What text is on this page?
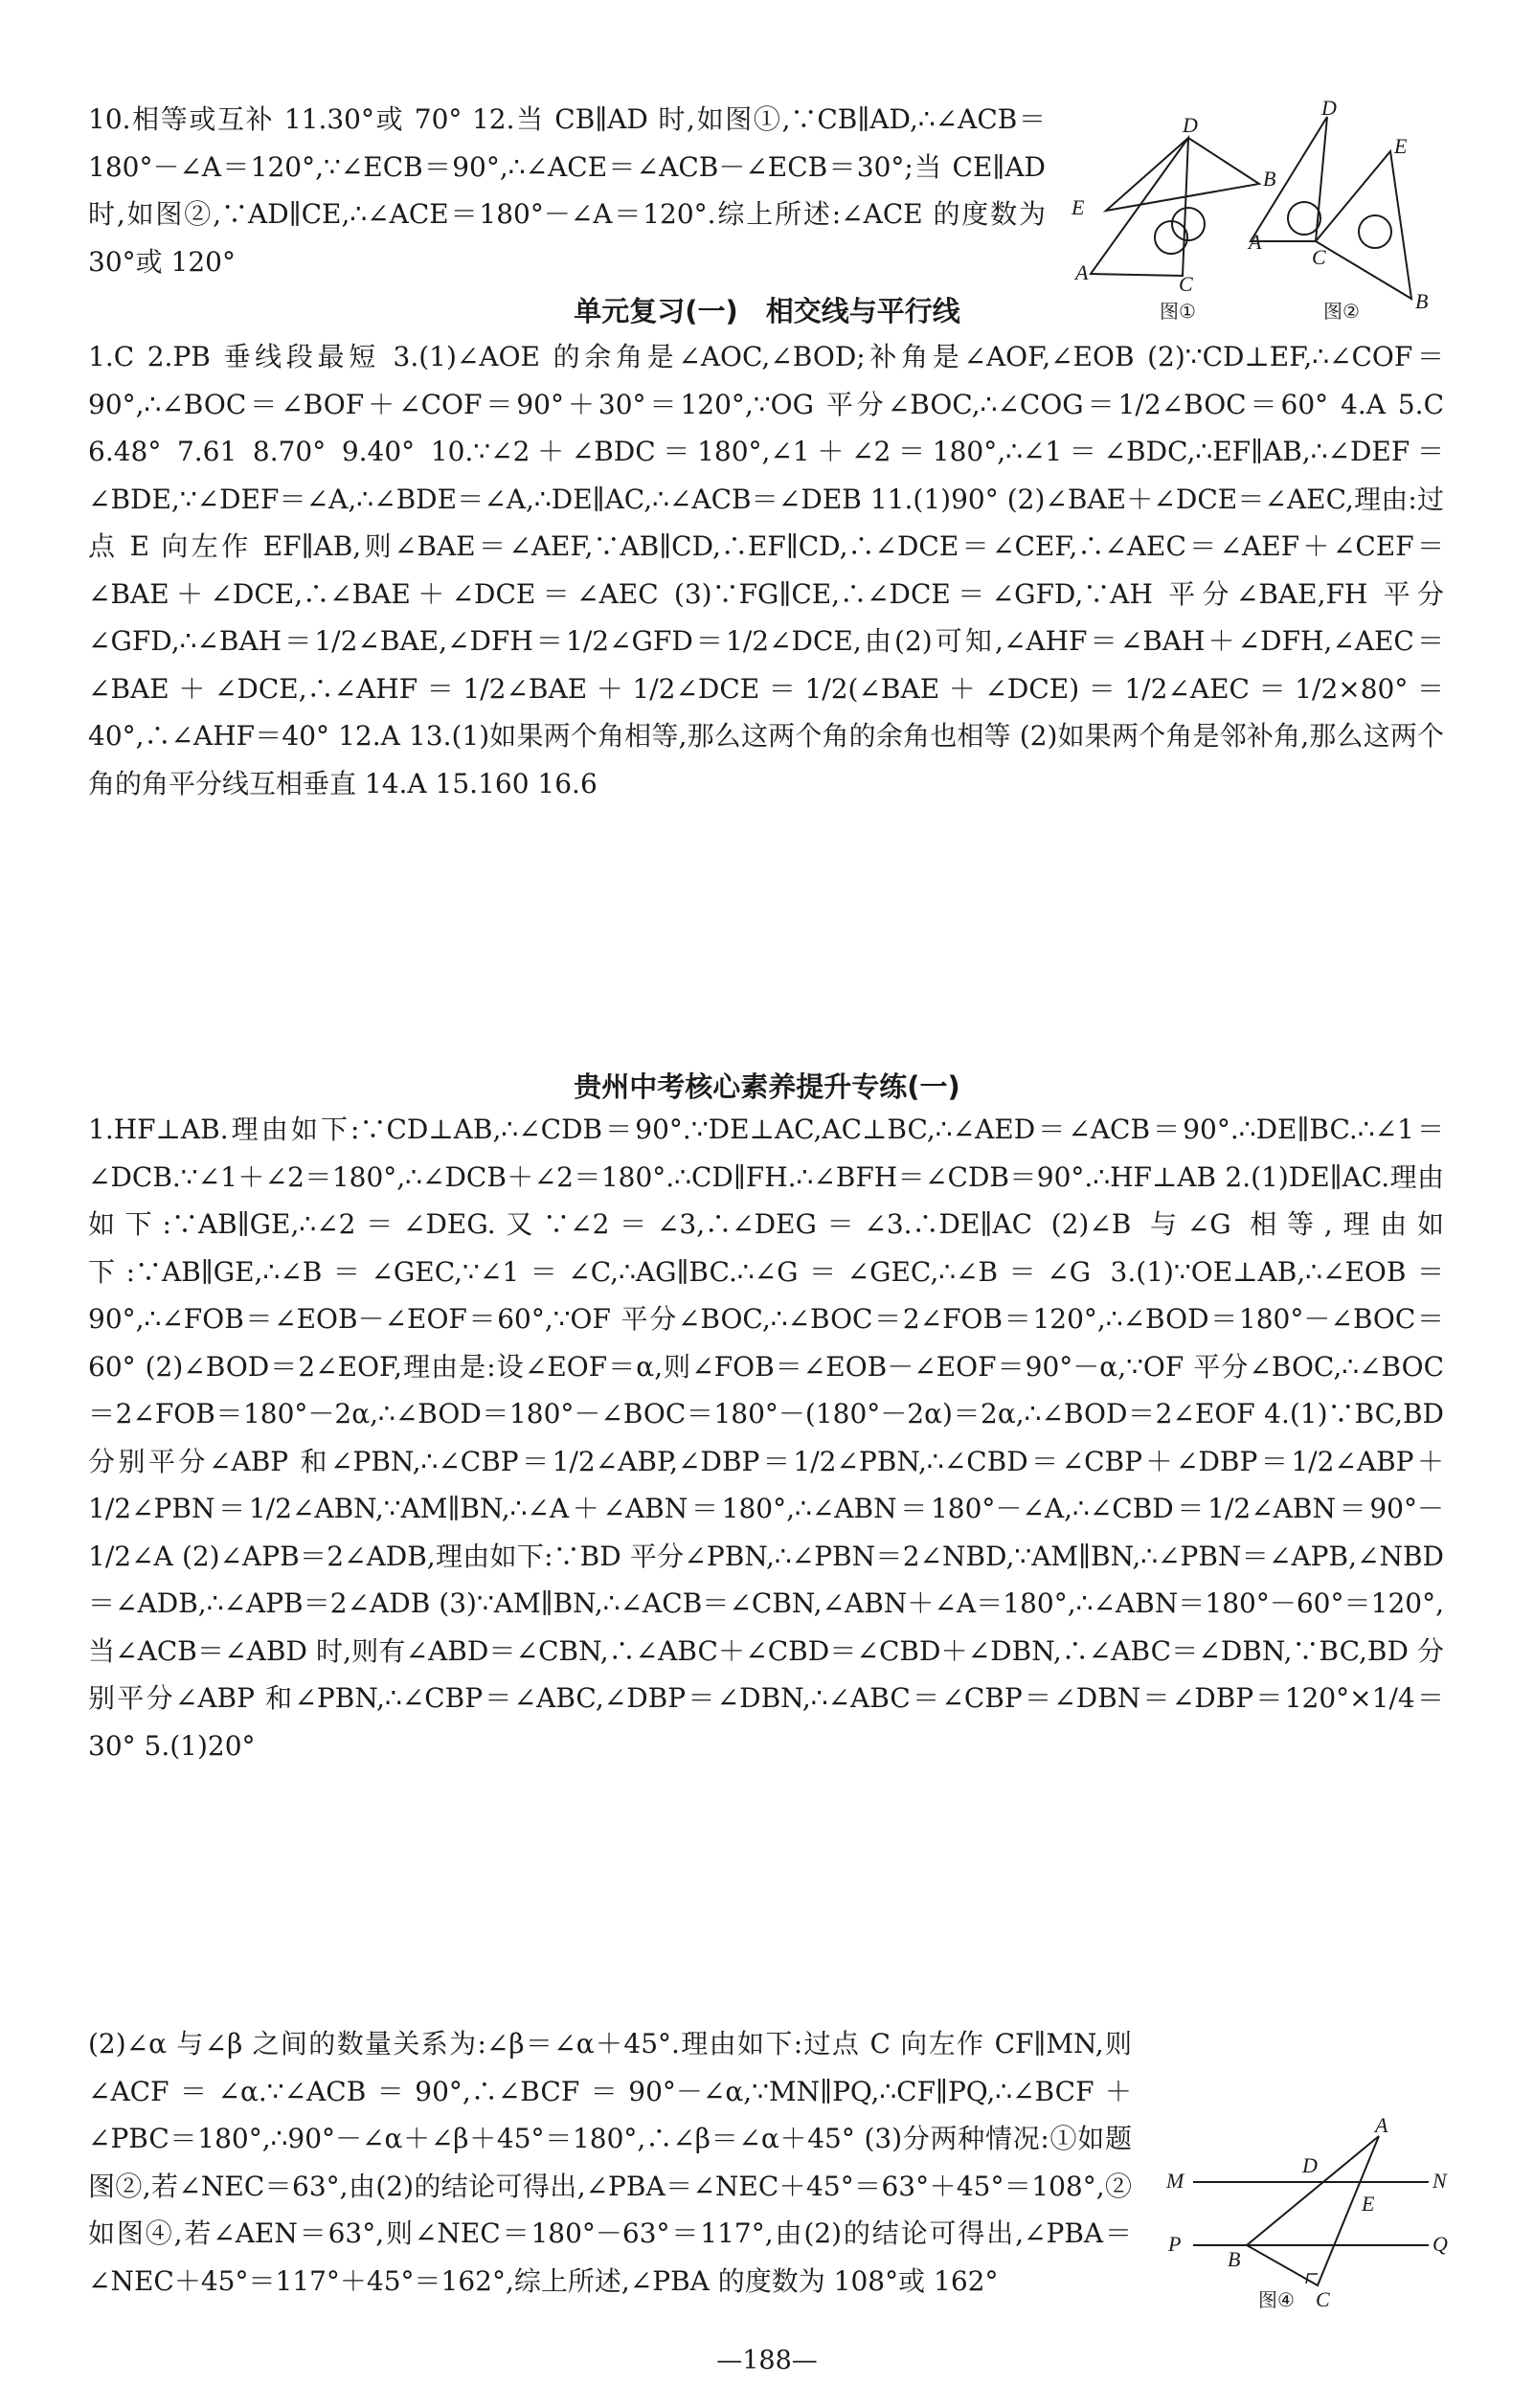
10.相等或互补 11.30°或 70° 12.当 CB∥AD 时,如图①,∵CB∥AD,∴∠ACB＝180°－∠A＝120°,∵∠ECB＝90°,∴∠ACE＝∠ACB－∠ECB＝30°;当 CE∥AD 时,如图②,∵AD∥CE,∴∠ACE＝180°－∠A＝120°.综上所述:∠ACE 的度数为 30°或 120°
D
B
E
A	C
图①
D
E
A
C
B
图②
单元复习(一)　相交线与平行线
1.C 2.PB 垂线段最短 3.(1)∠AOE 的余角是∠AOC,∠BOD;补角是∠AOF,∠EOB (2)∵CD⊥EF,∴∠COF＝90°,∴∠BOC＝∠BOF＋∠COF＝90°＋30°＝120°,∵OG 平分∠BOC,∴∠COG＝1/2∠BOC＝60° 4.A 5.C 6.48° 7.61 8.70° 9.40° 10.∵∠2＋∠BDC＝180°,∠1＋∠2＝180°,∴∠1＝∠BDC,∴EF∥AB,∴∠DEF＝∠BDE,∵∠DEF＝∠A,∴∠BDE＝∠A,∴DE∥AC,∴∠ACB＝∠DEB 11.(1)90° (2)∠BAE＋∠DCE＝∠AEC,理由:过点 E 向左作 EF∥AB,则∠BAE＝∠AEF,∵AB∥CD,∴EF∥CD,∴∠DCE＝∠CEF,∴∠AEC＝∠AEF＋∠CEF＝∠BAE＋∠DCE,∴∠BAE＋∠DCE＝∠AEC (3)∵FG∥CE,∴∠DCE＝∠GFD,∵AH 平分∠BAE,FH 平分∠GFD,∴∠BAH＝1/2∠BAE,∠DFH＝1/2∠GFD＝1/2∠DCE,由(2)可知,∠AHF＝∠BAH＋∠DFH,∠AEC＝∠BAE＋∠DCE,∴∠AHF＝1/2∠BAE＋1/2∠DCE＝1/2(∠BAE＋∠DCE)＝1/2∠AEC＝1/2×80°＝40°,∴∠AHF＝40° 12.A 13.(1)如果两个角相等,那么这两个角的余角也相等 (2)如果两个角是邻补角,那么这两个角的角平分线互相垂直 14.A 15.160 16.6
贵州中考核心素养提升专练(一)
1.HF⊥AB.理由如下:∵CD⊥AB,∴∠CDB＝90°.∵DE⊥AC,AC⊥BC,∴∠AED＝∠ACB＝90°.∴DE∥BC.∴∠1＝∠DCB.∵∠1＋∠2＝180°,∴∠DCB＋∠2＝180°.∴CD∥FH.∴∠BFH＝∠CDB＝90°.∴HF⊥AB 2.(1)DE∥AC.理由如下:∵AB∥GE,∴∠2＝∠DEG.又∵∠2＝∠3,∴∠DEG＝∠3.∴DE∥AC (2)∠B 与∠G 相等,理由如下:∵AB∥GE,∴∠B＝∠GEC,∵∠1＝∠C,∴AG∥BC.∴∠G＝∠GEC,∴∠B＝∠G 3.(1)∵OE⊥AB,∴∠EOB＝90°,∴∠FOB＝∠EOB－∠EOF＝60°,∵OF 平分∠BOC,∴∠BOC＝2∠FOB＝120°,∴∠BOD＝180°－∠BOC＝60° (2)∠BOD＝2∠EOF,理由是:设∠EOF＝α,则∠FOB＝∠EOB－∠EOF＝90°－α,∵OF 平分∠BOC,∴∠BOC＝2∠FOB＝180°－2α,∴∠BOD＝180°－∠BOC＝180°－(180°－2α)＝2α,∴∠BOD＝2∠EOF 4.(1)∵BC,BD 分别平分∠ABP 和∠PBN,∴∠CBP＝1/2∠ABP,∠DBP＝1/2∠PBN,∴∠CBD＝∠CBP＋∠DBP＝1/2∠ABP＋1/2∠PBN＝1/2∠ABN,∵AM∥BN,∴∠A＋∠ABN＝180°,∴∠ABN＝180°－∠A,∴∠CBD＝1/2∠ABN＝90°－1/2∠A (2)∠APB＝2∠ADB,理由如下:∵BD 平分∠PBN,∴∠PBN＝2∠NBD,∵AM∥BN,∴∠PBN＝∠APB,∠NBD＝∠ADB,∴∠APB＝2∠ADB (3)∵AM∥BN,∴∠ACB＝∠CBN,∠ABN＋∠A＝180°,∴∠ABN＝180°－60°＝120°,当∠ACB＝∠ABD 时,则有∠ABD＝∠CBN,∴∠ABC＋∠CBD＝∠CBD＋∠DBN,∴∠ABC＝∠DBN,∵BC,BD 分别平分∠ABP 和∠PBN,∴∠CBP＝∠ABC,∠DBP＝∠DBN,∴∠ABC＝∠CBP＝∠DBN＝∠DBP＝120°×1/4＝30° 5.(1)20°
(2)∠α 与∠β 之间的数量关系为:∠β＝∠α＋45°.理由如下:过点 C 向左作 CF∥MN,则∠ACF＝∠α.∵∠ACB＝90°,∴∠BCF＝90°－∠α,∵MN∥PQ,∴CF∥PQ,∴∠BCF＋∠PBC＝180°,∴90°－∠α＋∠β＋45°＝180°,∴∠β＝∠α＋45° (3)分两种情况:①如题图②,若∠NEC＝63°,由(2)的结论可得出,∠PBA＝∠NEC＋45°＝63°＋45°＝108°,②如图④,若∠AEN＝63°,则∠NEC＝180°－63°＝117°,由(2)的结论可得出,∠PBA＝∠NEC＋45°＝117°＋45°＝162°,综上所述,∠PBA 的度数为 108°或 162°
A
M
D
N
E
P	Q
B
C
图④
—188—
